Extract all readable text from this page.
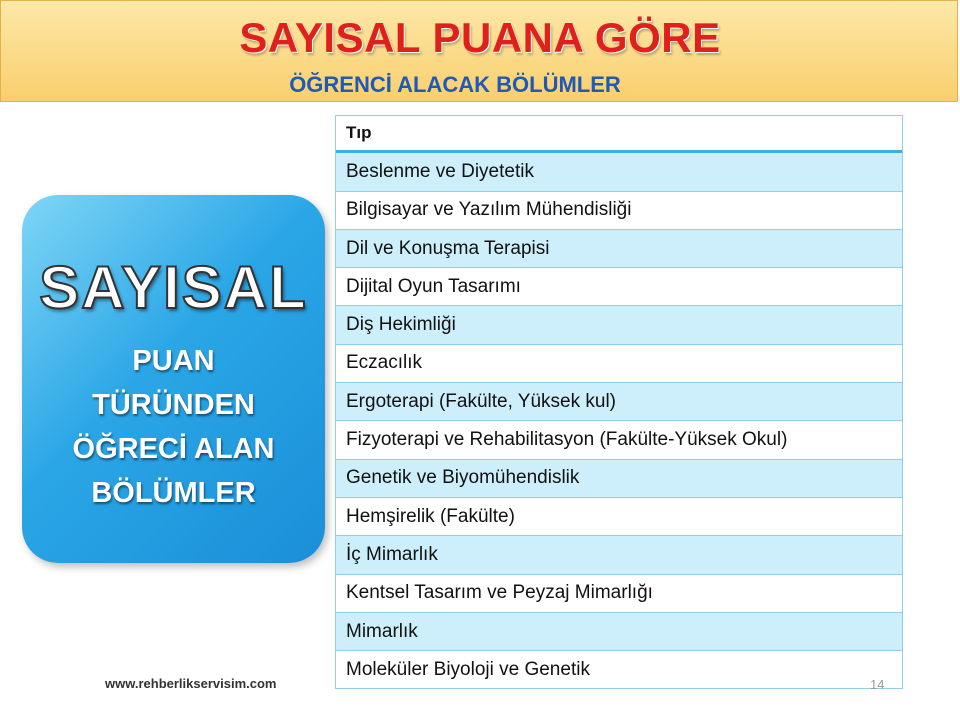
SAYISAL PUANA GÖRE
ÖĞRENCİ ALACAK BÖLÜMLER
SAYISAL
PUAN
TÜRÜNDEN
ÖĞRECİ ALAN
BÖLÜMLER
Tıp
Beslenme ve Diyetetik
Bilgisayar ve Yazılım Mühendisliği
Dil ve Konuşma Terapisi
Dijital Oyun Tasarımı
Diş Hekimliği
Eczacılık
Ergoterapi (Fakülte, Yüksek kul)
Fizyoterapi ve Rehabilitasyon (Fakülte-Yüksek Okul)
Genetik ve Biyomühendislik
Hemşirelik (Fakülte)
İç Mimarlık
Kentsel Tasarım ve Peyzaj Mimarlığı
Mimarlık
Moleküler Biyoloji ve Genetik
www.rehberlikservisim.com	14
